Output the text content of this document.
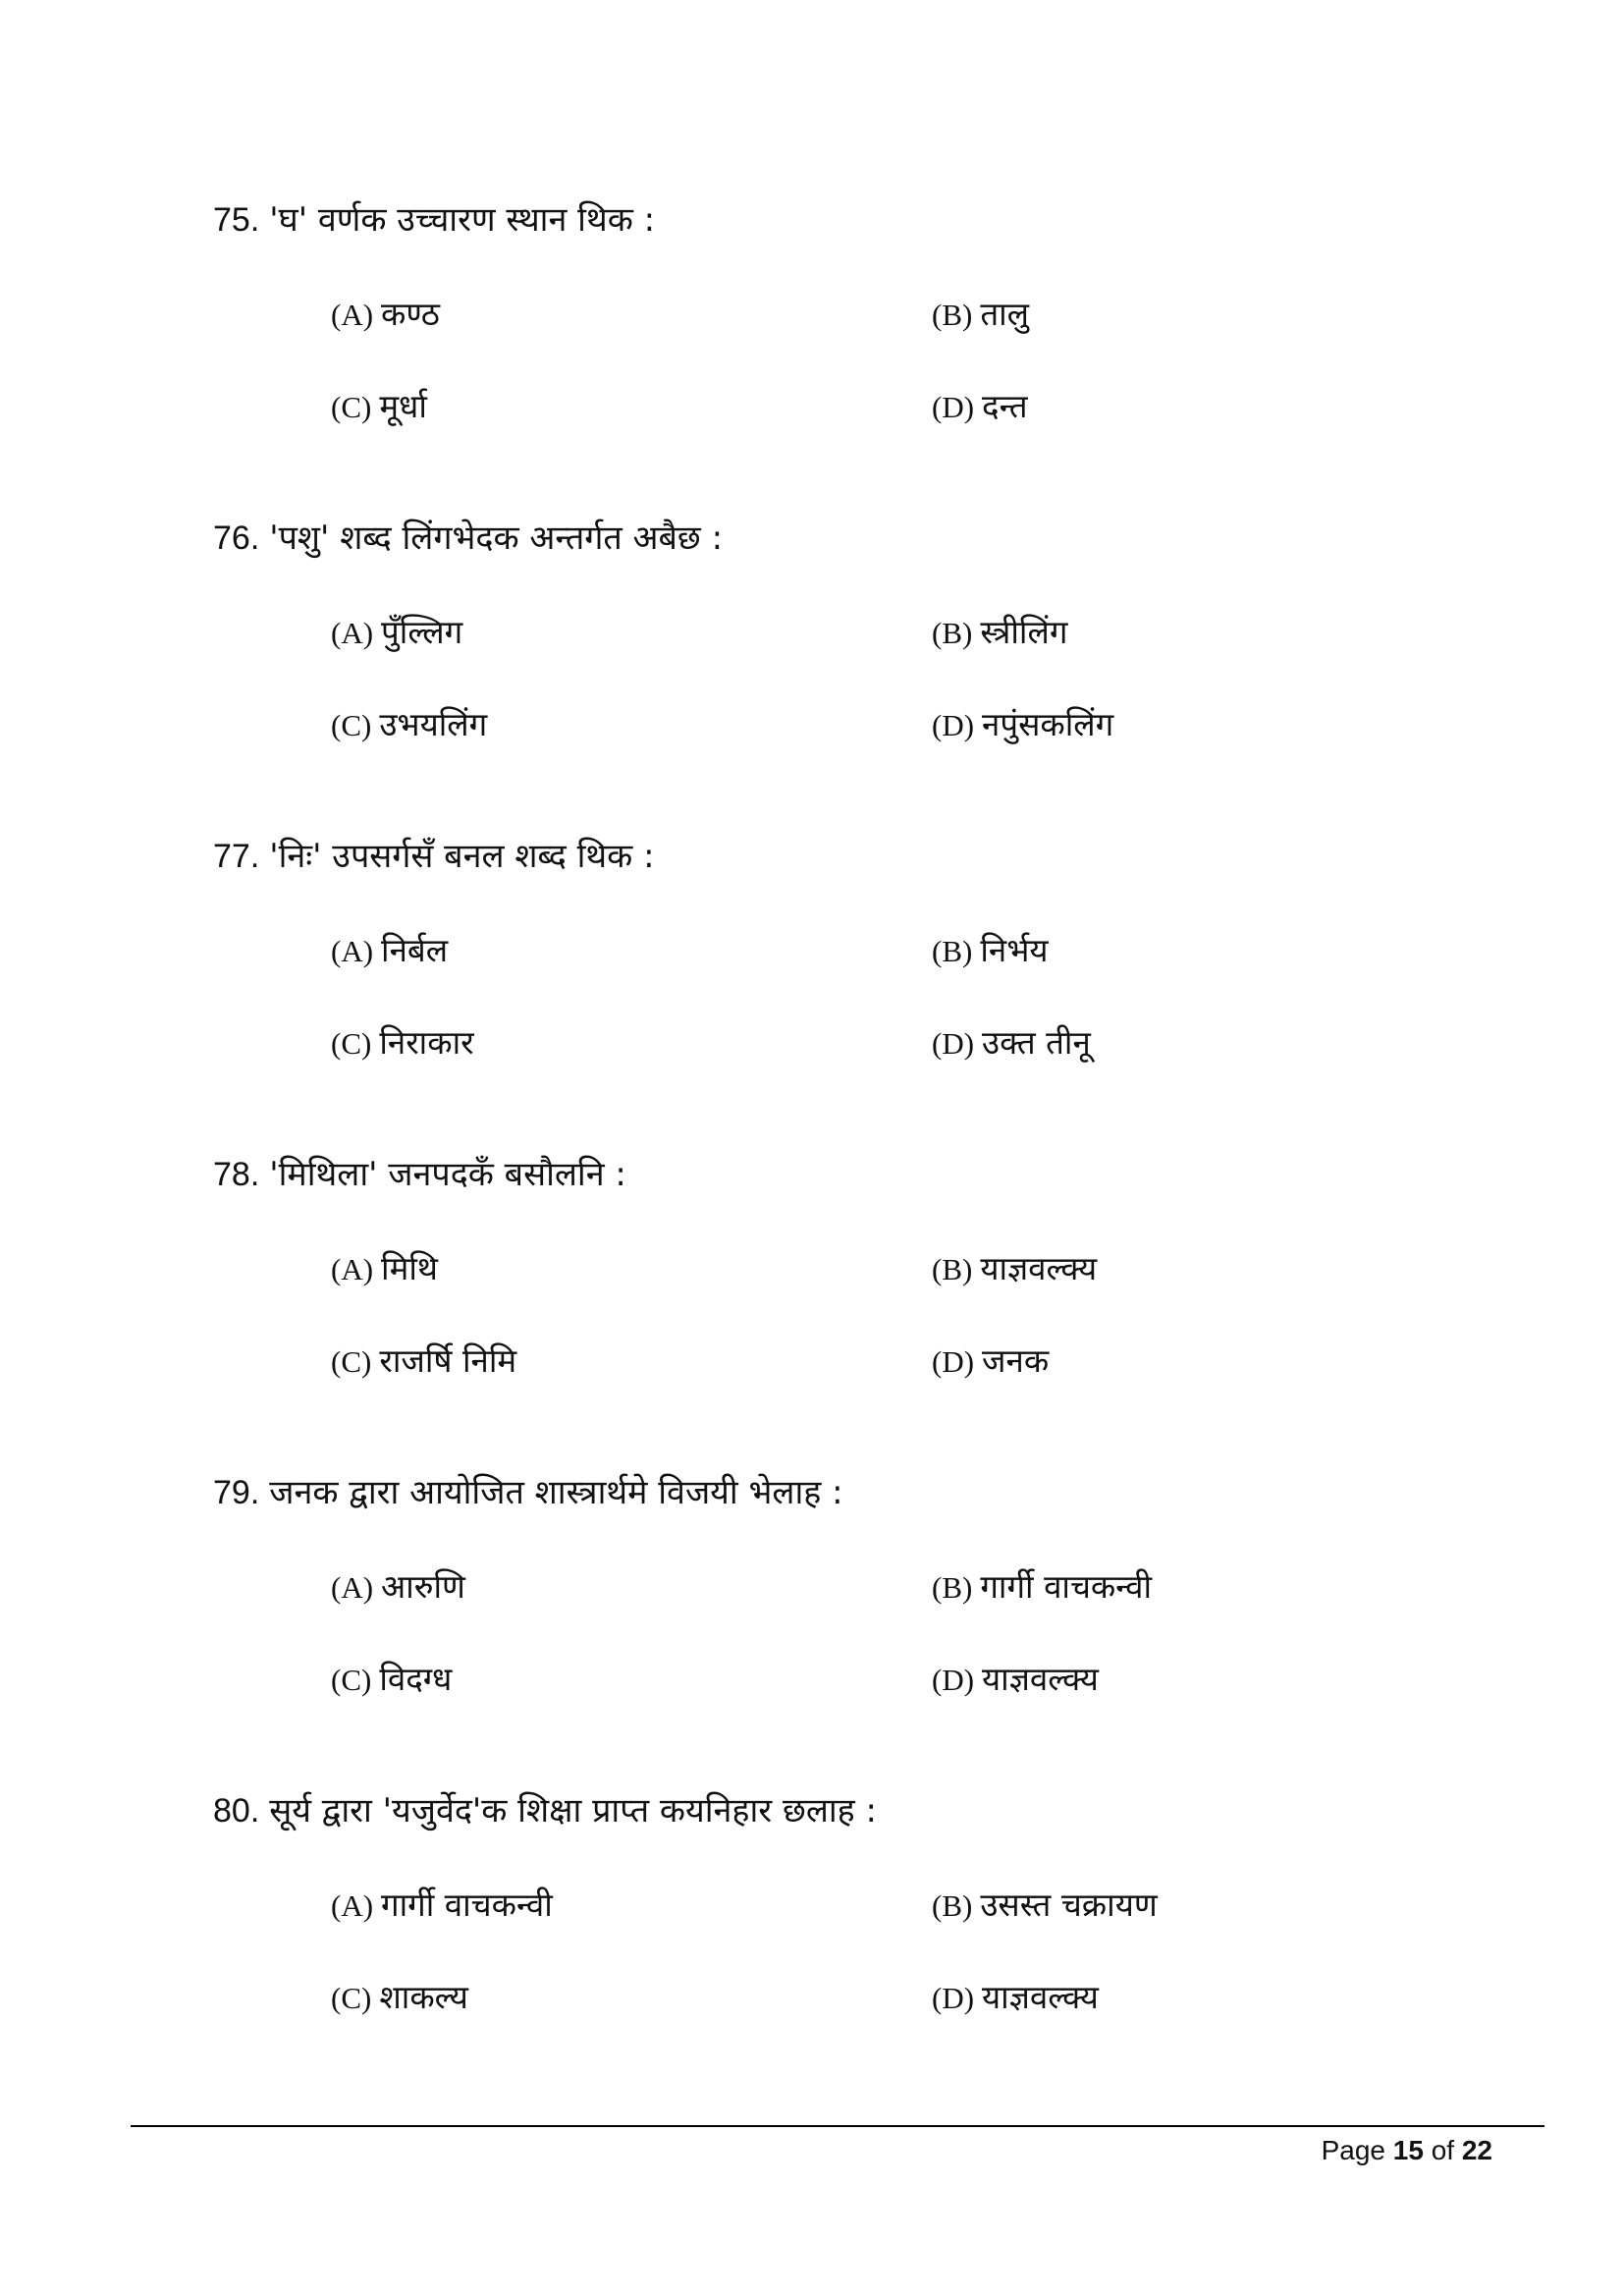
75. 'घ' वर्णक उच्चारण स्थान थिक :
(A) कण्ठ	(B) तालु
(C) मूर्धा	(D) दन्त
76. 'पशु' शब्द लिंगभेदक अन्तर्गत अबैछ :
(A) पुँल्लिग	(B) स्त्रीलिंग
(C) उभयलिंग	(D) नपुंसकलिंग
77. 'निः' उपसर्गसँ बनल शब्द थिक :
(A) निर्बल	(B) निर्भय
(C) निराकार	(D) उक्त तीनू
78. 'मिथिला' जनपदकँ बसौलनि :
(A) मिथि	(B) याज्ञवल्क्य
(C) राजर्षि निमि	(D) जनक
79. जनक द्वारा आयोजित शास्त्रार्थमे विजयी भेलाह :
(A) आरुणि	(B) गार्गी वाचकन्वी
(C) विदग्ध	(D) याज्ञवल्क्य
80. सूर्य द्वारा 'यजुर्वेद'क शिक्षा प्राप्त कयनिहार छलाह :
(A) गार्गी वाचकन्वी	(B) उसस्त चक्रायण
(C) शाकल्य	(D) याज्ञवल्क्य
Page 15 of 22
